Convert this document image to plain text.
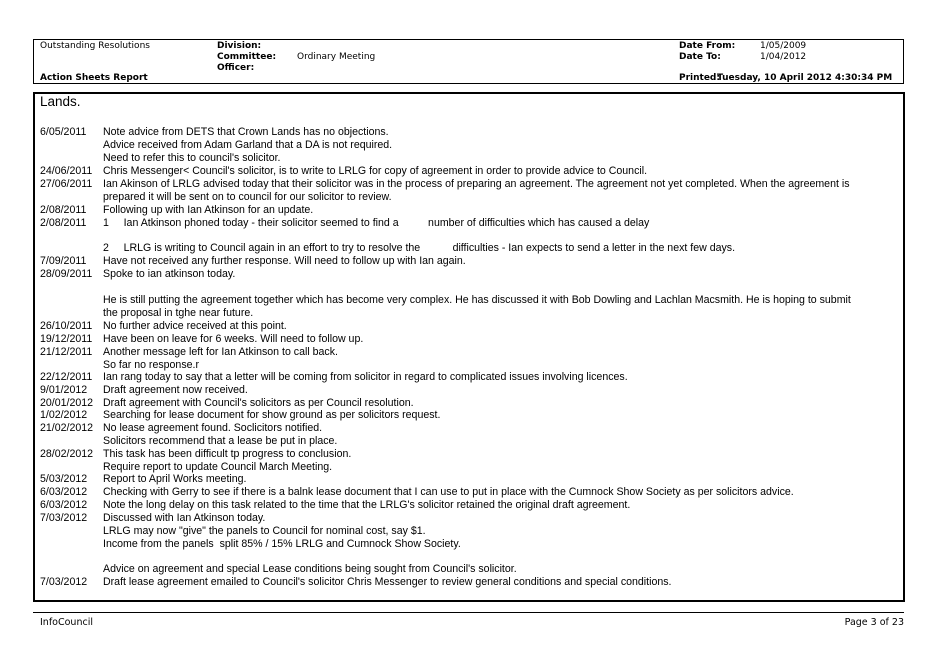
Outstanding Resolutions
Action Sheets Report
Division:
Committee: Ordinary Meeting
Officer:
Date From:	1/05/2009
Date To:	1/04/2012
Printed:
Tuesday, 10 April 2012 4:30:34 PM
Lands.
6/05/2011	Note advice from DETS that Crown Lands has no objections.
Advice received from Adam Garland that a DA is not required.
Need to refer this to council's solicitor.
24/06/2011	Chris Messenger< Council's solicitor, is to write to LRLG for copy of agreement in order to provide advice to Council.
27/06/2011	Ian Akinson of LRLG advised today that their solicitor was in the process of preparing an agreement. The agreement not yet completed. When the agreement is
prepared it will be sent on to council for our solicitor to review.
2/08/2011	Following up with Ian Atkinson for an update.
2/08/2011	1     Ian Atkinson phoned today - their solicitor seemed to find a          number of difficulties which has caused a delay
2     LRLG is writing to Council again in an effort to try to resolve the           difficulties - Ian expects to send a letter in the next few days.
7/09/2011	Have not received any further response. Will need to follow up with Ian again.
28/09/2011	Spoke to ian atkinson today.
He is still putting the agreement together which has become very complex. He has discussed it with Bob Dowling and Lachlan Macsmith. He is hoping to submit
the proposal in tghe near future.
26/10/2011	No further advice received at this point.
19/12/2011	Have been on leave for 6 weeks. Will need to follow up.
21/12/2011	Another message left for Ian Atkinson to call back.
So far no response.r
22/12/2011	Ian rang today to say that a letter will be coming from solicitor in regard to complicated issues involving licences.
9/01/2012	Draft agreement now received.
20/01/2012 Draft agreement with Council's solicitors as per Council resolution.
1/02/2012	Searching for lease document for show ground as per solicitors request.
21/02/2012 No lease agreement found. Soclicitors notified.
Solicitors recommend that a lease be put in place.
28/02/2012 This task has been difficult tp progress to conclusion.
Require report to update Council March Meeting.
5/03/2012	Report to April Works meeting.
6/03/2012	Checking with Gerry to see if there is a balnk lease document that I can use to put in place with the Cumnock Show Society as per solicitors advice.
6/03/2012	Note the long delay on this task related to the time that the LRLG's solicitor retained the original draft agreement.
7/03/2012	Discussed with Ian Atkinson today.
LRLG may now "give" the panels to Council for nominal cost, say $1.
Income from the panels  split 85% / 15% LRLG and Cumnock Show Society.
Advice on agreement and special Lease conditions being sought from Council's solicitor.
7/03/2012	Draft lease agreement emailed to Council's solicitor Chris Messenger to review general conditions and special conditions.
InfoCouncil	Page 3 of 23
